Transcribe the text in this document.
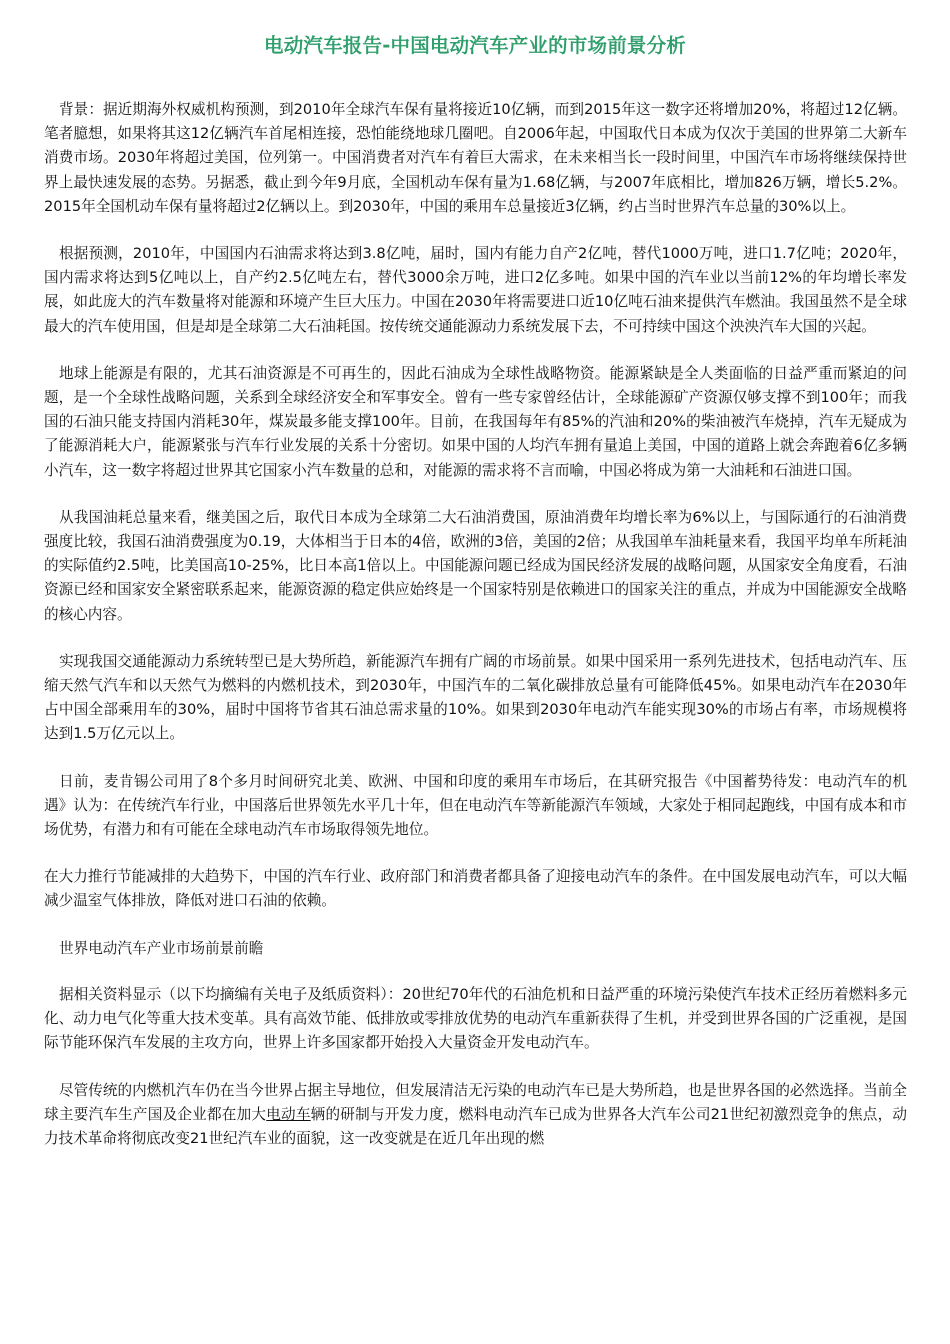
电动汽车报告-中国电动汽车产业的市场前景分析

背景：据近期海外权威机构预测，到2010年全球汽车保有量将接近10亿辆，而到2015年这一数字还将增加20%，将超过12亿辆。笔者臆想，如果将其这12亿辆汽车首尾相连接，恐怕能绕地球几圈吧。自2006年起，中国取代日本成为仅次于美国的世界第二大新车消费市场。2030年将超过美国，位列第一。中国消费者对汽车有着巨大需求，在未来相当长一段时间里，中国汽车市场将继续保持世界上最快速发展的态势。另据悉，截止到今年9月底，全国机动车保有量为1.68亿辆，与2007年底相比，增加826万辆，增长5.2%。2015年全国机动车保有量将超过2亿辆以上。到2030年，中国的乘用车总量接近3亿辆，约占当时世界汽车总量的30%以上。

根据预测，2010年，中国国内石油需求将达到3.8亿吨，届时，国内有能力自产2亿吨，替代1000万吨，进口1.7亿吨；2020年，国内需求将达到5亿吨以上，自产约2.5亿吨左右，替代3000余万吨，进口2亿多吨。如果中国的汽车业以当前12%的年均增长率发展，如此庞大的汽车数量将对能源和环境产生巨大压力。中国在2030年将需要进口近10亿吨石油来提供汽车燃油。我国虽然不是全球最大的汽车使用国，但是却是全球第二大石油耗国。按传统交通能源动力系统发展下去，不可持续中国这个泱泱汽车大国的兴起。

地球上能源是有限的，尤其石油资源是不可再生的，因此石油成为全球性战略物资。能源紧缺是全人类面临的日益严重而紧迫的问题，是一个全球性战略问题，关系到全球经济安全和军事安全。曾有一些专家曾经估计，全球能源矿产资源仅够支撑不到100年；而我国的石油只能支持国内消耗30年，煤炭最多能支撑100年。目前，在我国每年有85%的汽油和20%的柴油被汽车烧掉，汽车无疑成为了能源消耗大户，能源紧张与汽车行业发展的关系十分密切。如果中国的人均汽车拥有量追上美国，中国的道路上就会奔跑着6亿多辆小汽车，这一数字将超过世界其它国家小汽车数量的总和，对能源的需求将不言而喻，中国必将成为第一大油耗和石油进口国。

从我国油耗总量来看，继美国之后，取代日本成为全球第二大石油消费国，原油消费年均增长率为6%以上，与国际通行的石油消费强度比较，我国石油消费强度为0.19，大体相当于日本的4倍，欧洲的3倍，美国的2倍；从我国单车油耗量来看，我国平均单车所耗油的实际值约2.5吨，比美国高10-25%，比日本高1倍以上。中国能源问题已经成为国民经济发展的战略问题，从国家安全角度看，石油资源已经和国家安全紧密联系起来，能源资源的稳定供应始终是一个国家特别是依赖进口的国家关注的重点，并成为中国能源安全战略的核心内容。

实现我国交通能源动力系统转型已是大势所趋，新能源汽车拥有广阔的市场前景。如果中国采用一系列先进技术，包括电动汽车、压缩天然气汽车和以天然气为燃料的内燃机技术，到2030年，中国汽车的二氧化碳排放总量有可能降低45%。如果电动汽车在2030年占中国全部乘用车的30%，届时中国将节省其石油总需求量的10%。如果到2030年电动汽车能实现30%的市场占有率，市场规模将达到1.5万亿元以上。

日前，麦肯锡公司用了8个多月时间研究北美、欧洲、中国和印度的乘用车市场后，在其研究报告《中国蓄势待发：电动汽车的机遇》认为：在传统汽车行业，中国落后世界领先水平几十年，但在电动汽车等新能源汽车领域，大家处于相同起跑线，中国有成本和市场优势，有潜力和有可能在全球电动汽车市场取得领先地位。

在大力推行节能减排的大趋势下，中国的汽车行业、政府部门和消费者都具备了迎接电动汽车的条件。在中国发展电动汽车，可以大幅减少温室气体排放，降低对进口石油的依赖。

世界电动汽车产业市场前景前瞻

据相关资料显示（以下均摘编有关电子及纸质资料）：20世纪70年代的石油危机和日益严重的环境污染使汽车技术正经历着燃料多元化、动力电气化等重大技术变革。具有高效节能、低排放或零排放优势的电动汽车重新获得了生机，并受到世界各国的广泛重视，是国际节能环保汽车发展的主攻方向，世界上许多国家都开始投入大量资金开发电动汽车。

尽管传统的内燃机汽车仍在当今世界占据主导地位，但发展清洁无污染的电动汽车已是大势所趋，也是世界各国的必然选择。当前全球主要汽车生产国及企业都在加大电动车辆的研制与开发力度，燃料电动汽车已成为世界各大汽车公司21世纪初激烈竞争的焦点，动力技术革命将彻底改变21世纪汽车业的面貌，这一改变就是在近几年出现的燃
